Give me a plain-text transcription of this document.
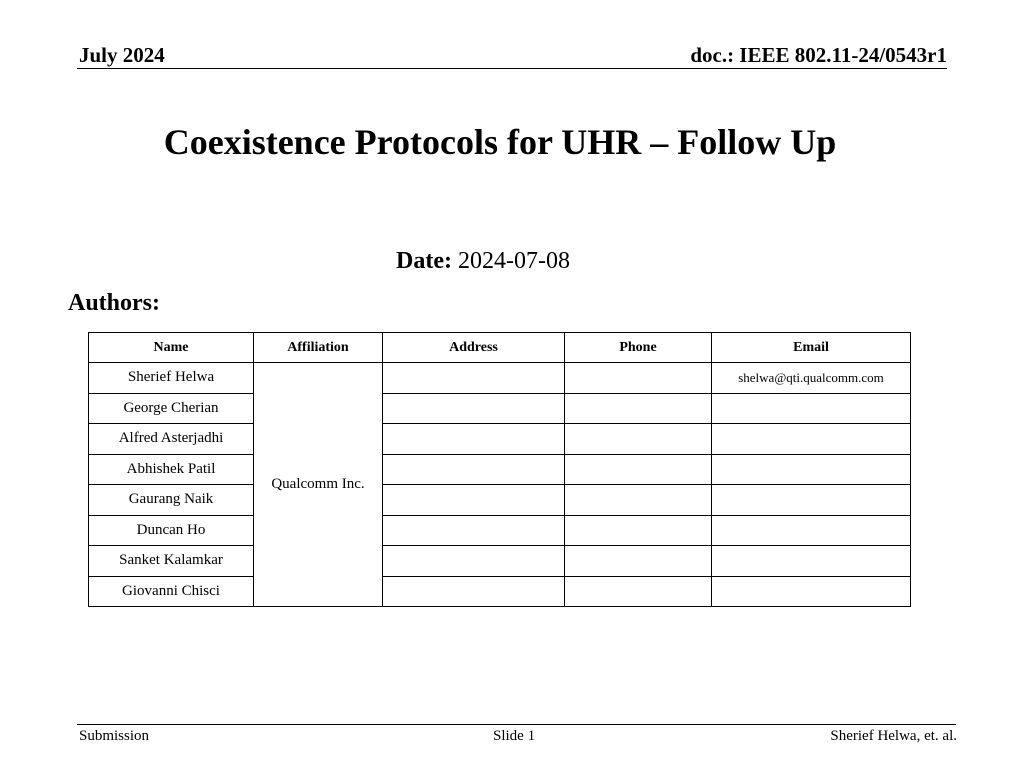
July 2024	doc.: IEEE 802.11-24/0543r1
Coexistence Protocols for UHR – Follow Up
Date: 2024-07-08
Authors:
Name	Affiliation	Address	Phone	Email
Sherief Helwa	Qualcomm Inc.			shelwa@qti.qualcomm.com
George Cherian				
Alfred Asterjadhi				
Abhishek Patil				
Gaurang Naik				
Duncan Ho				
Sanket Kalamkar				
Giovanni Chisci				
Submission	Slide 1	Sherief Helwa, et. al.
